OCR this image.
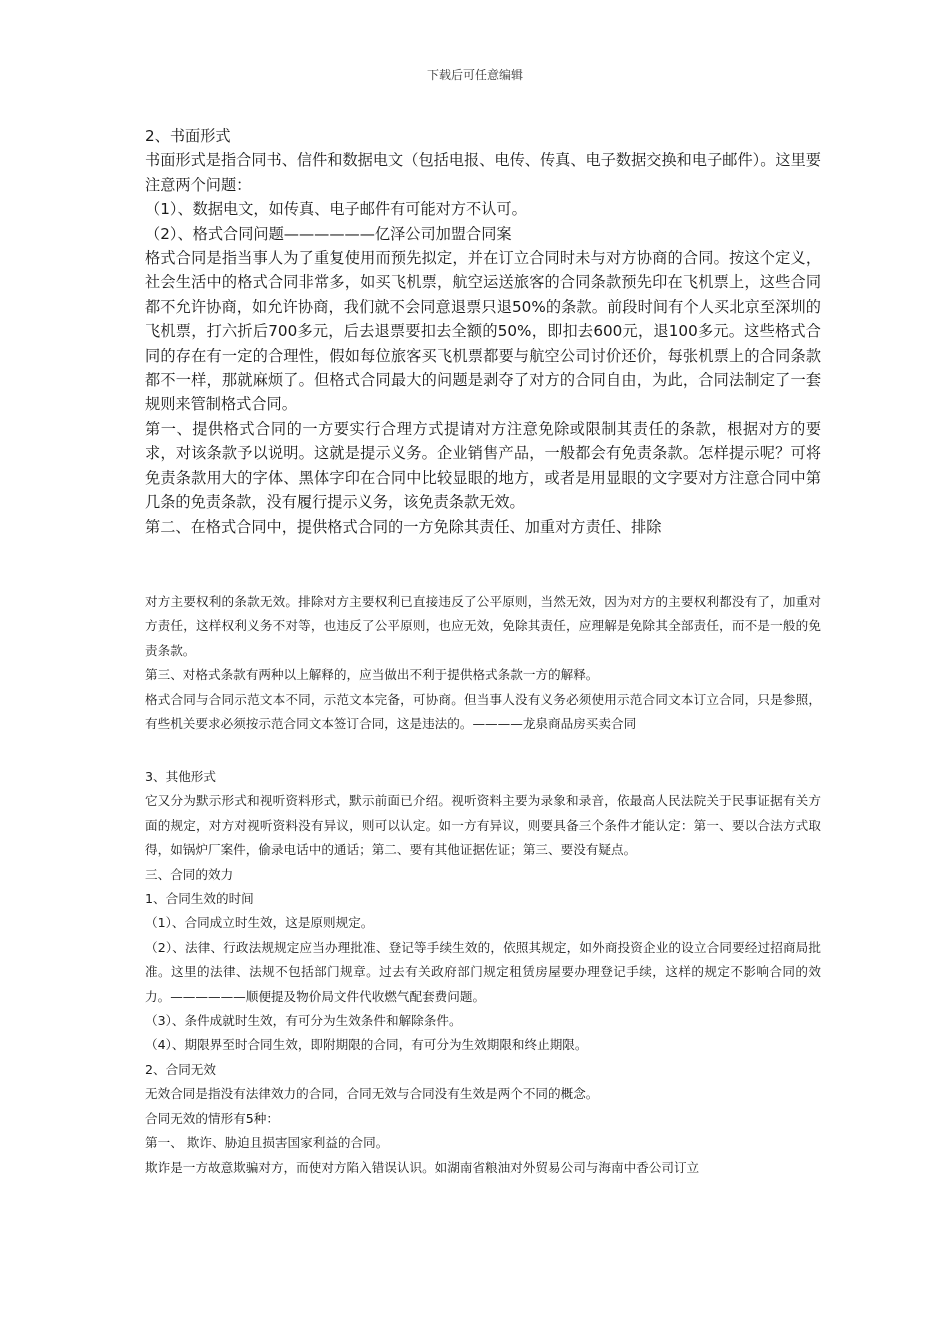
下载后可任意编辑

2、书面形式

书面形式是指合同书、信件和数据电文（包括电报、电传、传真、电子数据交换和电子邮件）。这里要注意两个问题：

（1）、数据电文，如传真、电子邮件有可能对方不认可。

（2）、格式合同问题——————亿泽公司加盟合同案

格式合同是指当事人为了重复使用而预先拟定，并在订立合同时未与对方协商的合同。按这个定义，社会生活中的格式合同非常多，如买飞机票，航空运送旅客的合同条款预先印在飞机票上，这些合同都不允许协商，如允许协商，我们就不会同意退票只退50%的条款。前段时间有个人买北京至深圳的飞机票，打六折后700多元，后去退票要扣去全额的50%，即扣去600元，退100多元。这些格式合同的存在有一定的合理性，假如每位旅客买飞机票都要与航空公司讨价还价，每张机票上的合同条款都不一样，那就麻烦了。但格式合同最大的问题是剥夺了对方的合同自由，为此，合同法制定了一套规则来管制格式合同。

第一、提供格式合同的一方要实行合理方式提请对方注意免除或限制其责任的条款，根据对方的要求，对该条款予以说明。这就是提示义务。企业销售产品，一般都会有免责条款。怎样提示呢？可将免责条款用大的字体、黑体字印在合同中比较显眼的地方，或者是用显眼的文字要对方注意合同中第几条的免责条款，没有履行提示义务，该免责条款无效。

第二、在格式合同中，提供格式合同的一方免除其责任、加重对方责任、排除

对方主要权利的条款无效。排除对方主要权利已直接违反了公平原则，当然无效，因为对方的主要权利都没有了，加重对方责任，这样权利义务不对等，也违反了公平原则，也应无效，免除其责任，应理解是免除其全部责任，而不是一般的免责条款。

第三、对格式条款有两种以上解释的，应当做出不利于提供格式条款一方的解释。

格式合同与合同示范文本不同，示范文本完备，可协商。但当事人没有义务必须使用示范合同文本订立合同，只是参照，有些机关要求必须按示范合同文本签订合同，这是违法的。————龙泉商品房买卖合同

3、其他形式

它又分为默示形式和视听资料形式，默示前面已介绍。视听资料主要为录象和录音，依最高人民法院关于民事证据有关方面的规定，对方对视听资料没有异议，则可以认定。如一方有异议，则要具备三个条件才能认定：第一、要以合法方式取得，如锅炉厂案件，偷录电话中的通话；第二、要有其他证据佐证；第三、要没有疑点。

三、合同的效力

1、合同生效的时间

（1）、合同成立时生效，这是原则规定。

（2）、法律、行政法规规定应当办理批准、登记等手续生效的，依照其规定，如外商投资企业的设立合同要经过招商局批准。这里的法律、法规不包括部门规章。过去有关政府部门规定租赁房屋要办理登记手续，这样的规定不影响合同的效力。——————顺便提及物价局文件代收燃气配套费问题。

（3）、条件成就时生效，有可分为生效条件和解除条件。

（4）、期限界至时合同生效，即附期限的合同，有可分为生效期限和终止期限。

2、合同无效

无效合同是指没有法律效力的合同，合同无效与合同没有生效是两个不同的概念。

合同无效的情形有5种：

第一、 欺诈、胁迫且损害国家利益的合同。

欺诈是一方故意欺骗对方，而使对方陷入错误认识。如湖南省粮油对外贸易公司与海南中香公司订立
